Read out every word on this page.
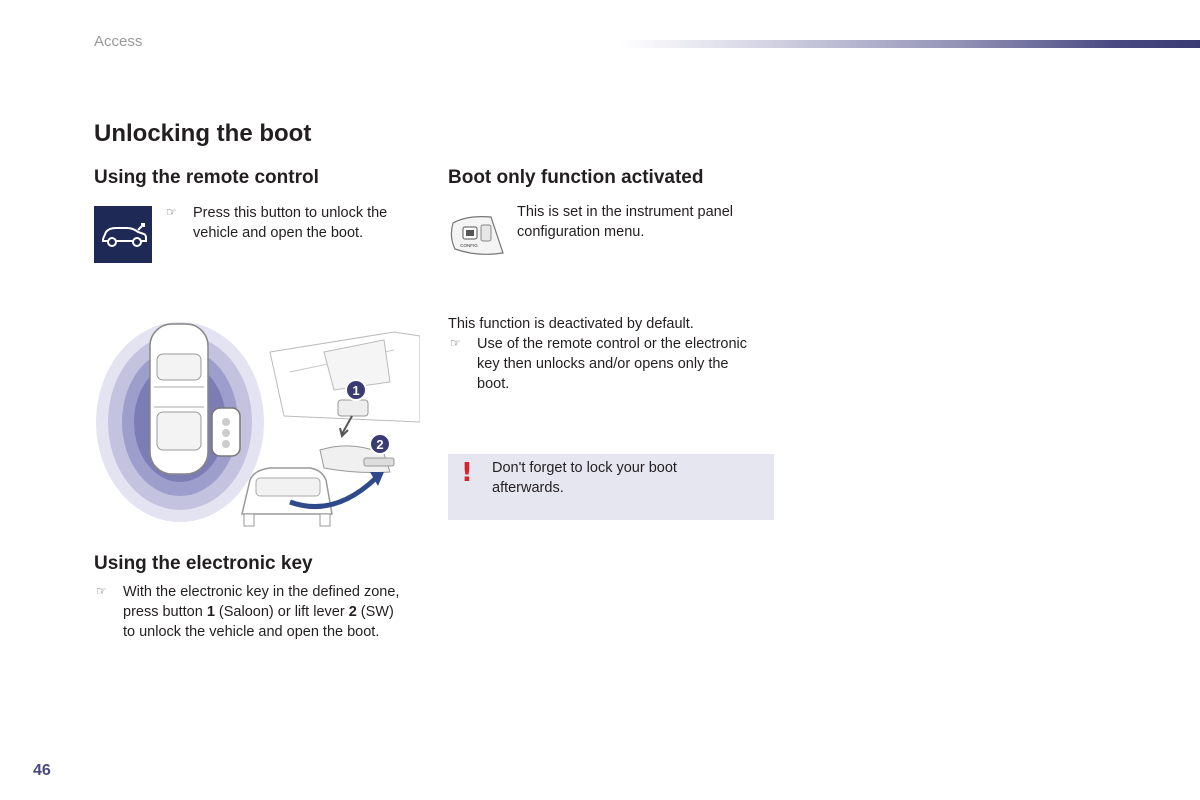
Access
Unlocking the boot
Using the remote control
☞ Press this button to unlock the
vehicle and open the boot.
1
2
Using the electronic key
☞ With the electronic key in the defined zone,
press button 1 (Saloon) or lift lever 2 (SW)
to unlock the vehicle and open the boot.
Boot only function activated
CONFIG
This is set in the instrument panel
configuration menu.
This function is deactivated by default.
☞ Use of the remote control or the electronic
key then unlocks and/or opens only the
boot.
! Don't forget to lock your boot
afterwards.
46
